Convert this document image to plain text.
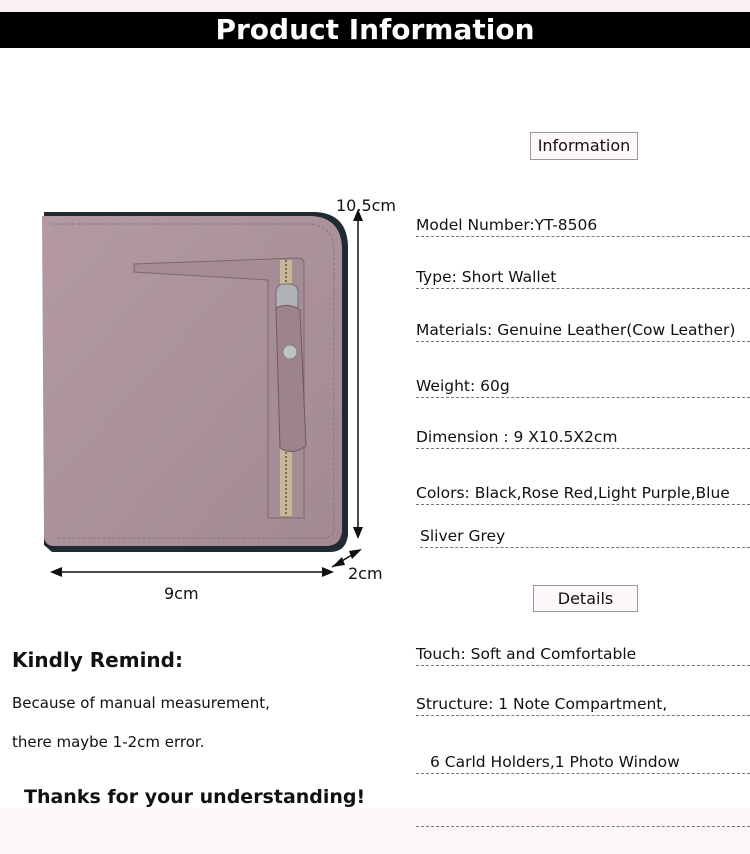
Product Information
10.5cm
9cm
2cm
Information
Model Number:YT-8506
Type: Short Wallet
Materials: Genuine Leather(Cow Leather)
Weight: 60g
Dimension : 9 X10.5X2cm
Colors: Black,Rose Red,Light Purple,Blue
Sliver Grey
Details
Touch: Soft and Comfortable
Structure: 1 Note Compartment,
6 Carld Holders,1 Photo Window
Kindly Remind:
Because of manual measurement,
there maybe 1-2cm error.
Thanks for your understanding!
